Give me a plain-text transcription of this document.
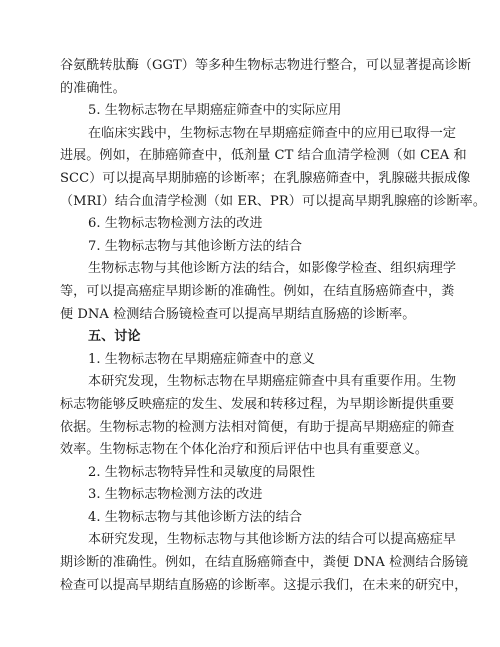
谷氨酰转肽酶（GGT）等多种生物标志物进行整合，可以显著提高诊断
的准确性。
5. 生物标志物在早期癌症筛查中的实际应用
在临床实践中，生物标志物在早期癌症筛查中的应用已取得一定
进展。例如，在肺癌筛查中，低剂量 CT 结合血清学检测（如 CEA 和
SCC）可以提高早期肺癌的诊断率；在乳腺癌筛查中，乳腺磁共振成像
（MRI）结合血清学检测（如 ER、PR）可以提高早期乳腺癌的诊断率。
6. 生物标志物检测方法的改进
7. 生物标志物与其他诊断方法的结合
生物标志物与其他诊断方法的结合，如影像学检查、组织病理学
等，可以提高癌症早期诊断的准确性。例如，在结直肠癌筛查中，粪
便 DNA 检测结合肠镜检查可以提高早期结直肠癌的诊断率。
五、讨论
1. 生物标志物在早期癌症筛查中的意义
本研究发现，生物标志物在早期癌症筛查中具有重要作用。生物
标志物能够反映癌症的发生、发展和转移过程，为早期诊断提供重要
依据。生物标志物的检测方法相对简便，有助于提高早期癌症的筛查
效率。生物标志物在个体化治疗和预后评估中也具有重要意义。
2. 生物标志物特异性和灵敏度的局限性
3. 生物标志物检测方法的改进
4. 生物标志物与其他诊断方法的结合
本研究发现，生物标志物与其他诊断方法的结合可以提高癌症早
期诊断的准确性。例如，在结直肠癌筛查中，粪便 DNA 检测结合肠镜
检查可以提高早期结直肠癌的诊断率。这提示我们，在未来的研究中，
